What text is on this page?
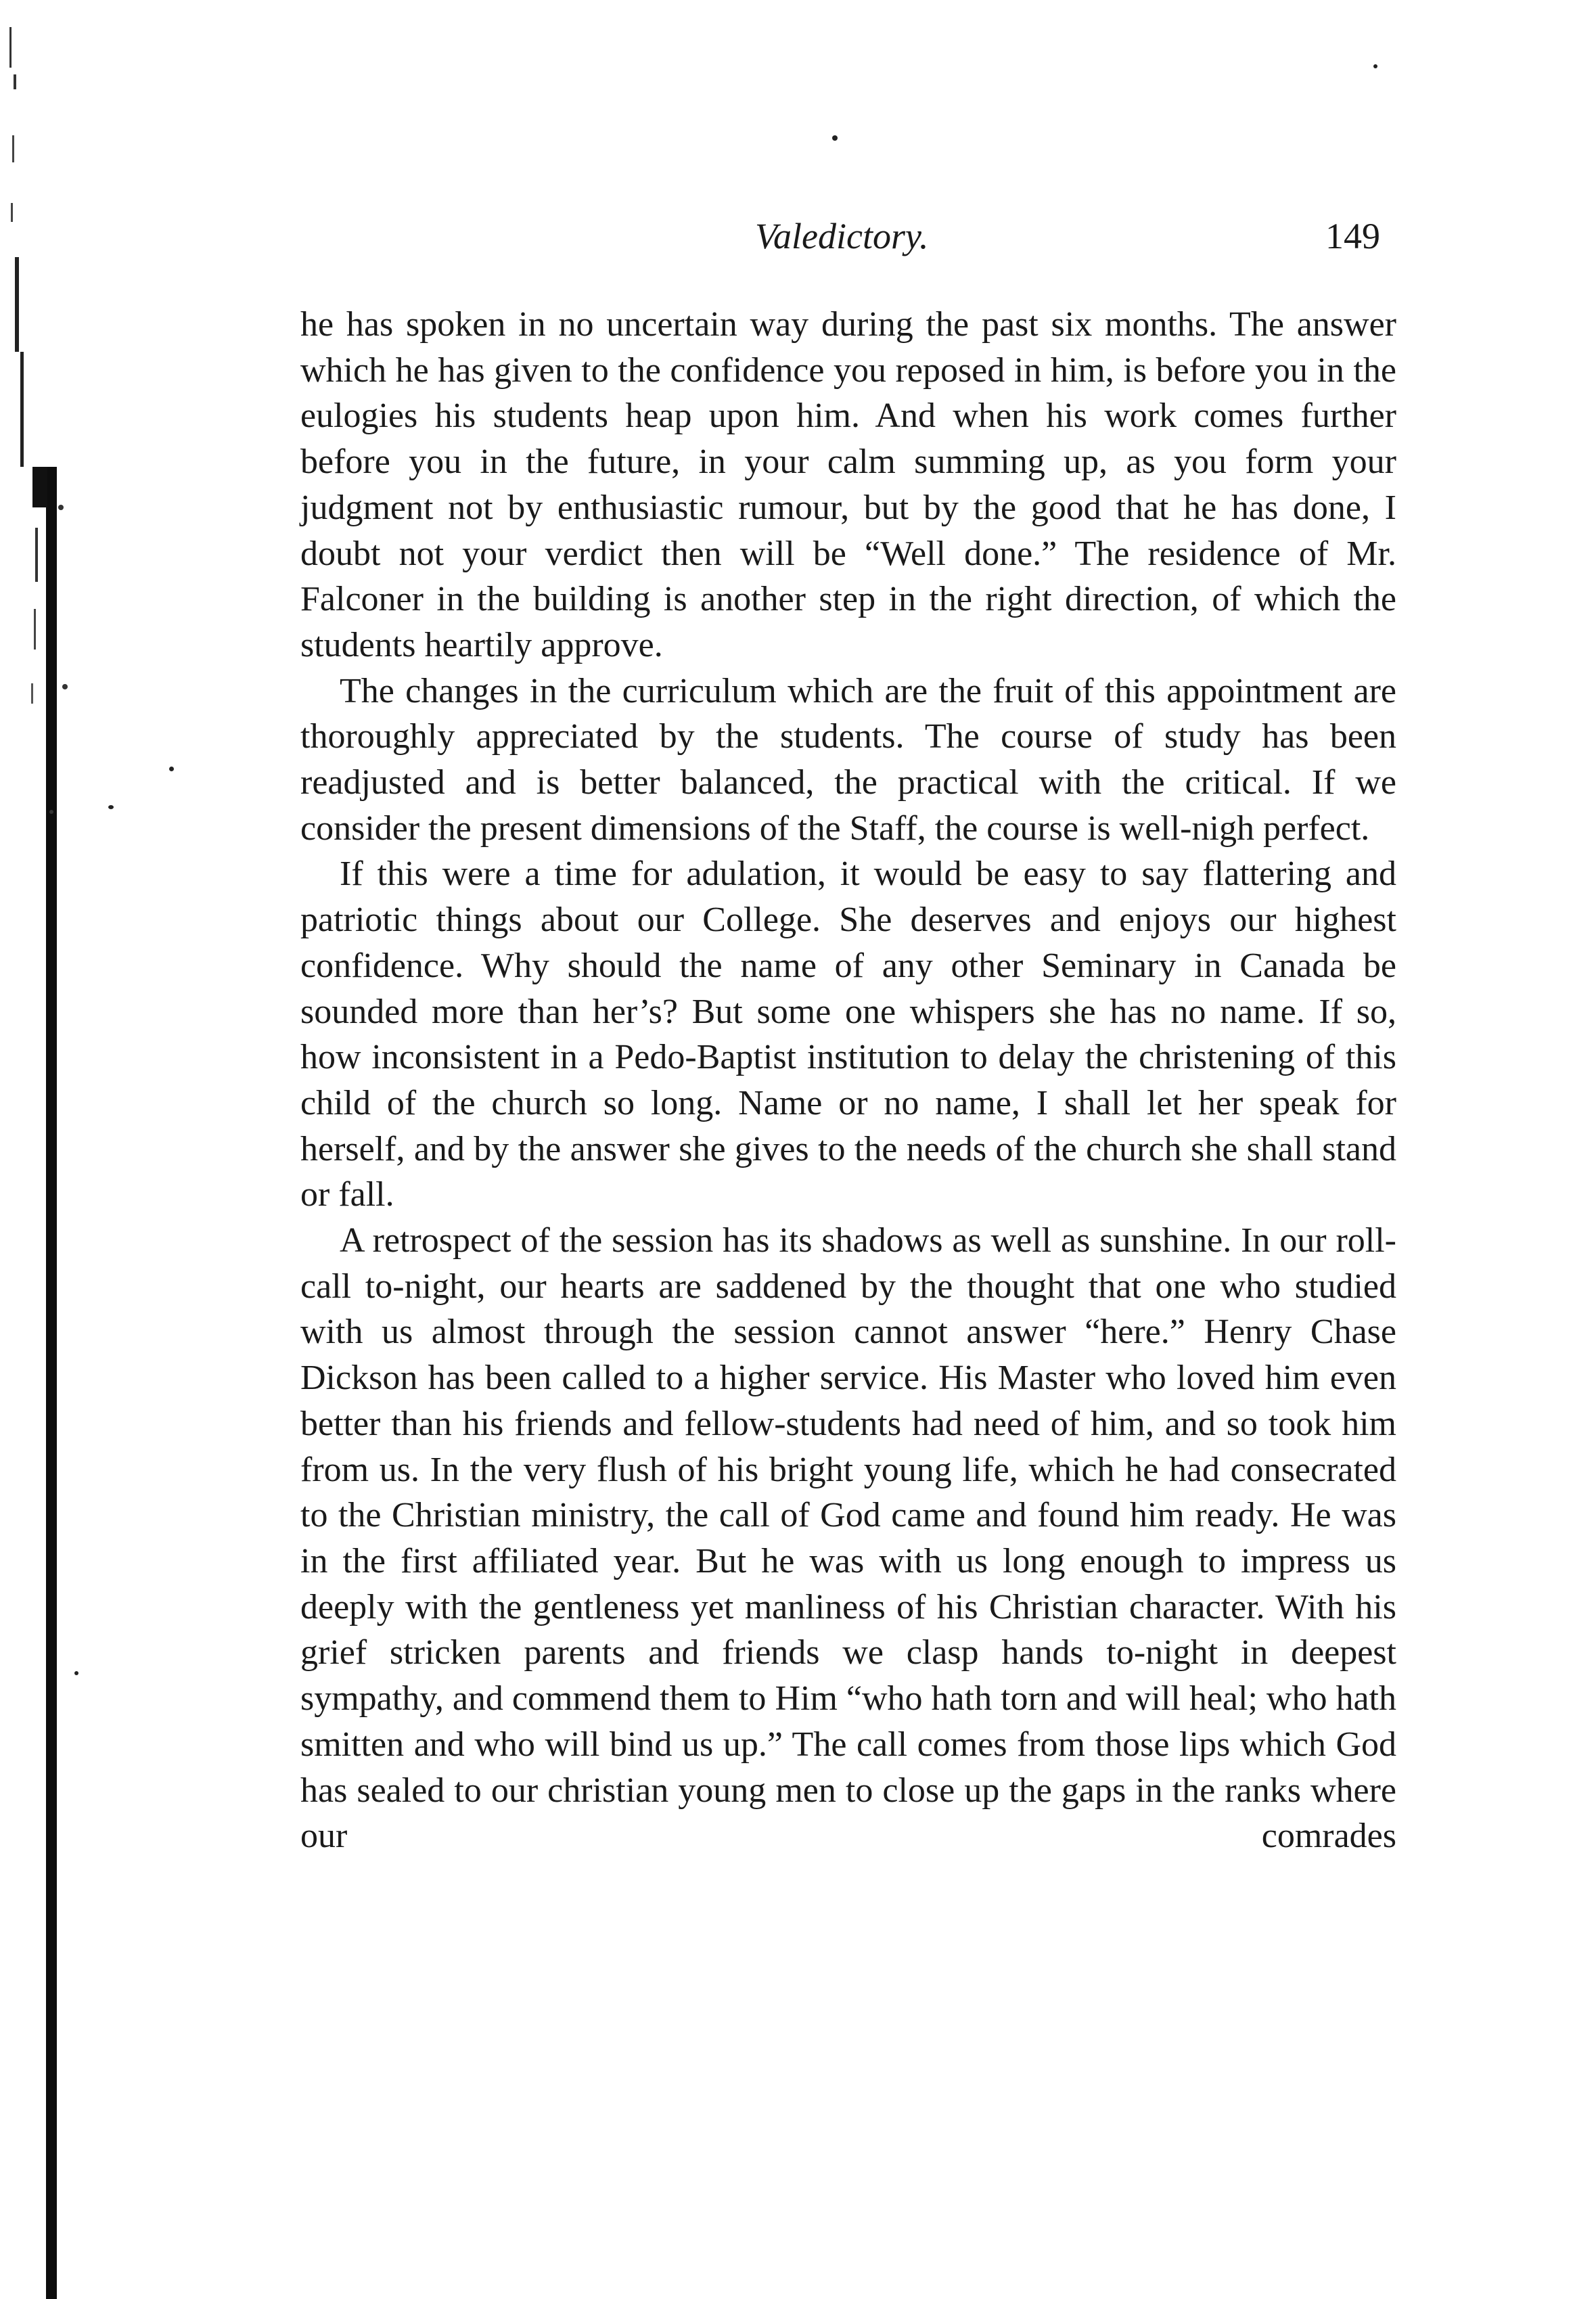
Valedictory.	149

he has spoken in no uncertain way during the past six months. The answer which he has given to the confidence you reposed in him, is before you in the eulogies his students heap upon him. And when his work comes further before you in the future, in your calm summing up, as you form your judgment not by enthusiastic rumour, but by the good that he has done, I doubt not your verdict then will be “Well done.” The residence of Mr. Falconer in the building is another step in the right direction, of which the students heartily approve.

The changes in the curriculum which are the fruit of this appointment are thoroughly appreciated by the students. The course of study has been readjusted and is better balanced, the practical with the critical. If we consider the present dimensions of the Staff, the course is well-nigh perfect.

If this were a time for adulation, it would be easy to say flattering and patriotic things about our College. She deserves and enjoys our highest confidence. Why should the name of any other Seminary in Canada be sounded more than her’s? But some one whispers she has no name. If so, how inconsistent in a Pedo-Baptist institution to delay the christening of this child of the church so long. Name or no name, I shall let her speak for herself, and by the answer she gives to the needs of the church she shall stand or fall.

A retrospect of the session has its shadows as well as sunshine. In our roll-call to-night, our hearts are saddened by the thought that one who studied with us almost through the session cannot answer “here.” Henry Chase Dickson has been called to a higher service. His Master who loved him even better than his friends and fellow-students had need of him, and so took him from us. In the very flush of his bright young life, which he had consecrated to the Christian ministry, the call of God came and found him ready. He was in the first affiliated year. But he was with us long enough to impress us deeply with the gentleness yet manliness of his Christian character. With his grief stricken parents and friends we clasp hands to-night in deepest sympathy, and commend them to Him “who hath torn and will heal; who hath smitten and who will bind us up.” The call comes from those lips which God has sealed to our christian young men to close up the gaps in the ranks where our comrades
